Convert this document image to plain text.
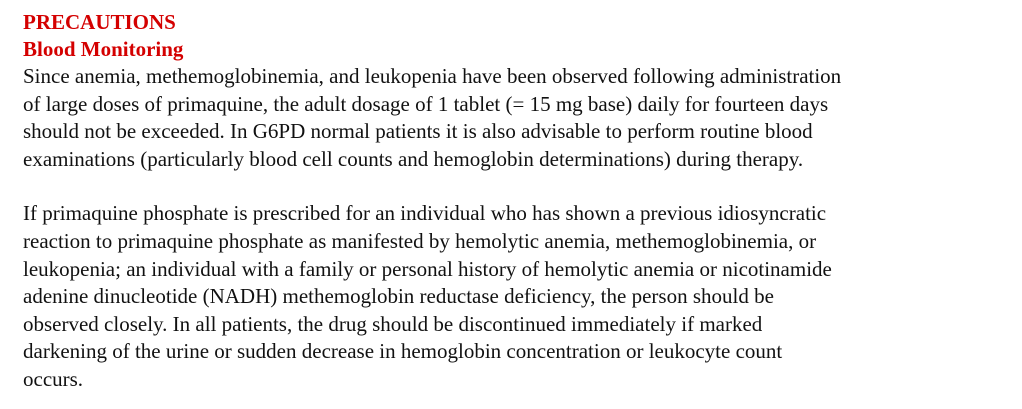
PRECAUTIONS
Blood Monitoring

Since anemia, methemoglobinemia, and leukopenia have been observed following administration
of large doses of primaquine, the adult dosage of 1 tablet (= 15 mg base) daily for fourteen days
should not be exceeded. In G6PD normal patients it is also advisable to perform routine blood
examinations (particularly blood cell counts and hemoglobin determinations) during therapy.

If primaquine phosphate is prescribed for an individual who has shown a previous idiosyncratic
reaction to primaquine phosphate as manifested by hemolytic anemia, methemoglobinemia, or
leukopenia; an individual with a family or personal history of hemolytic anemia or nicotinamide
adenine dinucleotide (NADH) methemoglobin reductase deficiency, the person should be
observed closely. In all patients, the drug should be discontinued immediately if marked
darkening of the urine or sudden decrease in hemoglobin concentration or leukocyte count
occurs.
